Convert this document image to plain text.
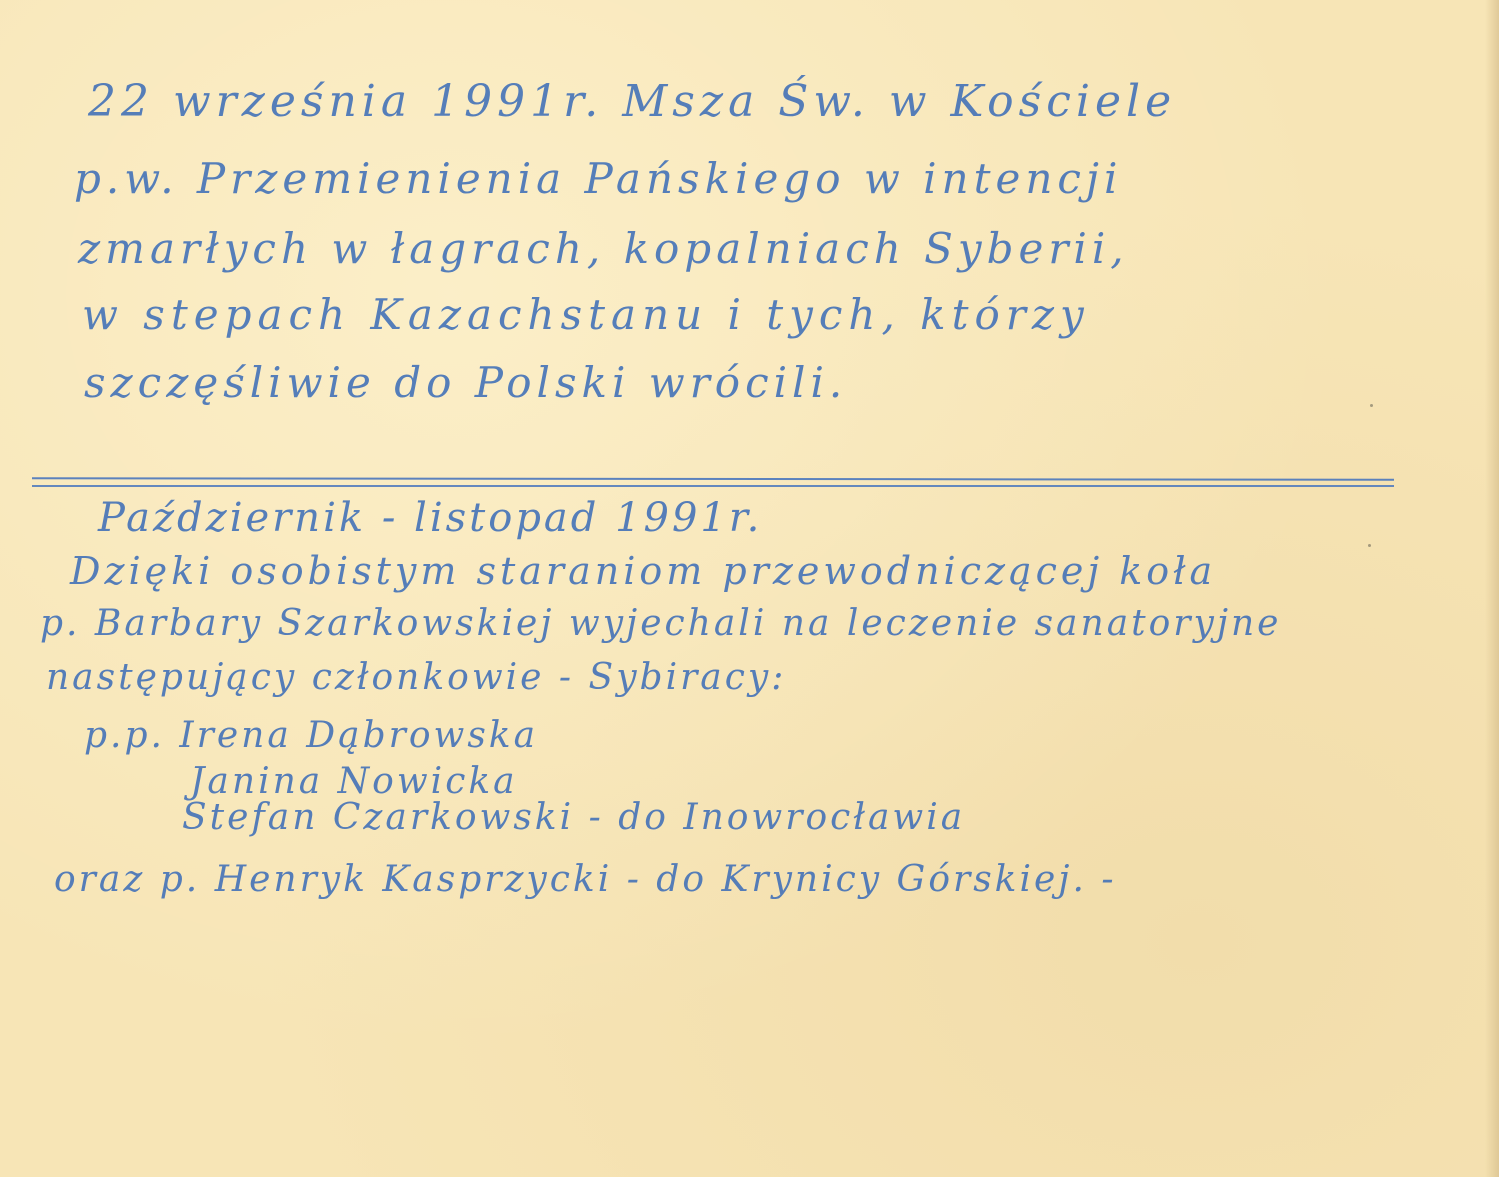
22 września 1991r. Msza Św. w Kościele
p.w. Przemienienia Pańskiego w intencji
zmarłych w łagrach, kopalniach Syberii,
w stepach Kazachstanu i tych, którzy
szczęśliwie do Polski wrócili.
Październik - listopad 1991r.
Dzięki osobistym staraniom przewodniczącej koła
p. Barbary Szarkowskiej wyjechali na leczenie sanatoryjne
następujący członkowie - Sybiracy:
p.p. Irena Dąbrowska
Janina Nowicka
Stefan Czarkowski - do Inowrocławia
oraz p. Henryk Kasprzycki - do Krynicy Górskiej. -
